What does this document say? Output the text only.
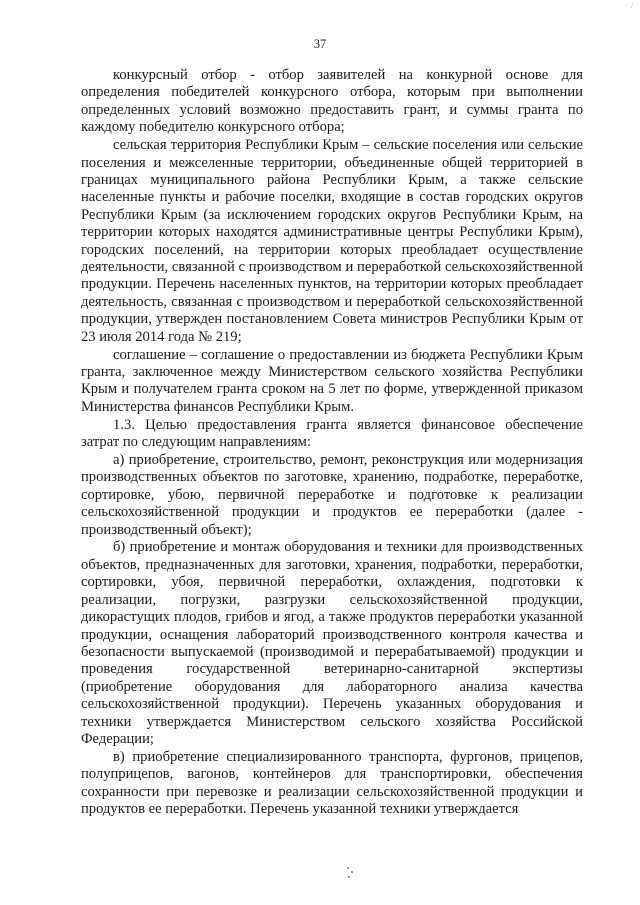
· /
37

конкурсный отбор - отбор заявителей на конкурной основе для определения победителей конкурсного отбора, которым при выполнении определенных условий возможно предоставить грант, и суммы гранта по каждому победителю конкурсного отбора;

сельская территория Республики Крым – сельские поселения или сельские поселения и межселенные территории, объединенные общей территорией в границах муниципального района Республики Крым, а также сельские населенные пункты и рабочие поселки, входящие в состав городских округов Республики Крым (за исключением городских округов Республики Крым, на территории которых находятся административные центры Республики Крым), городских поселений, на территории которых преобладает осуществление деятельности, связанной с производством и переработкой сельскохозяйственной продукции. Перечень населенных пунктов, на территории которых преобладает деятельность, связанная с производством и переработкой сельскохозяйственной продукции, утвержден постановлением Совета министров Республики Крым от 23 июля 2014 года № 219;

соглашение – соглашение о предоставлении из бюджета Республики Крым гранта, заключенное между Министерством сельского хозяйства Республики Крым и получателем гранта сроком на 5 лет по форме, утвержденной приказом Министерства финансов Республики Крым.

1.3. Целью предоставления гранта является финансовое обеспечение затрат по следующим направлениям:

а) приобретение, строительство, ремонт, реконструкция или модернизация производственных объектов по заготовке, хранению, подработке, переработке, сортировке, убою, первичной переработке и подготовке к реализации сельскохозяйственной продукции и продуктов ее переработки (далее - производственный объект);

б) приобретение и монтаж оборудования и техники для производственных объектов, предназначенных для заготовки, хранения, подработки, переработки, сортировки, убоя, первичной переработки, охлаждения, подготовки к реализации, погрузки, разгрузки сельскохозяйственной продукции, дикорастущих плодов, грибов и ягод, а также продуктов переработки указанной продукции, оснащения лабораторий производственного контроля качества и безопасности выпускаемой (производимой и перерабатываемой) продукции и проведения государственной ветеринарно-санитарной экспертизы (приобретение оборудования для лабораторного анализа качества сельскохозяйственной продукции). Перечень указанных оборудования и техники утверждается Министерством сельского хозяйства Российской Федерации;

в) приобретение специализированного транспорта, фургонов, прицепов, полуприцепов, вагонов, контейнеров для транспортировки, обеспечения сохранности при перевозке и реализации сельскохозяйственной продукции и продуктов ее переработки. Перечень указанной техники утверждается
